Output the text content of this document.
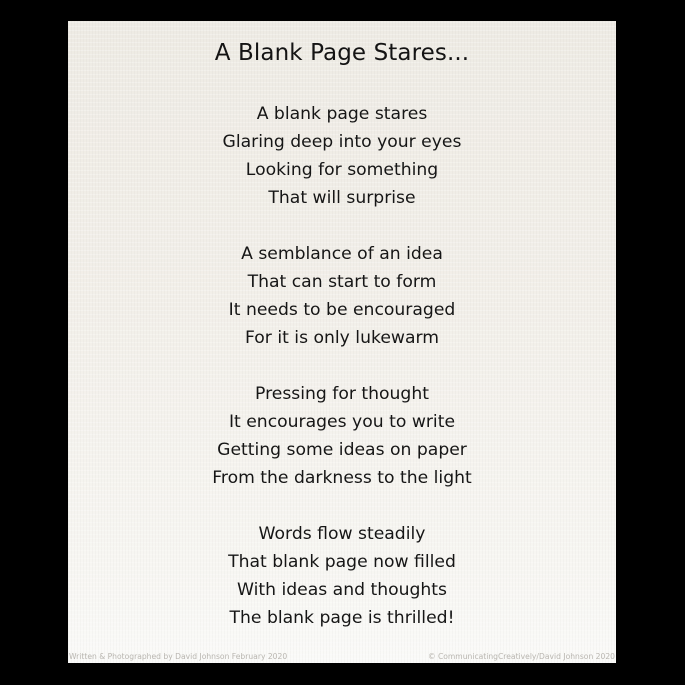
A Blank Page Stares...
A blank page stares
Glaring deep into your eyes
Looking for something
That will surprise
A semblance of an idea
That can start to form
It needs to be encouraged
For it is only lukewarm
Pressing for thought
It encourages you to write
Getting some ideas on paper
From the darkness to the light
Words flow steadily
That blank page now filled
With ideas and thoughts
The blank page is thrilled!
Written & Photographed by David Johnson February 2020	© CommunicatingCreatively/David Johnson 2020
